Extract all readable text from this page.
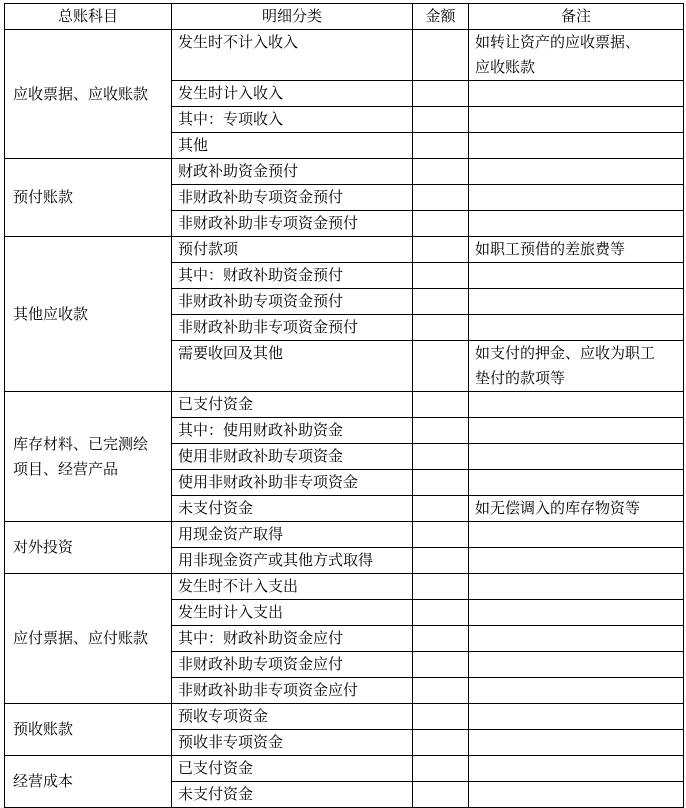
总账科目	明细分类	金额	备注

应收票据、应收账款	发生时不计入收入		如转让资产的应收票据、
应收账款

	发生时计入收入		
	其中：专项收入		
	其他		

预付账款	财政补助资金预付		
	非财政补助专项资金预付		
	非财政补助非专项资金预付		

其他应收款	预付款项		如职工预借的差旅费等

	其中：财政补助资金预付		
	非财政补助专项资金预付		
	非财政补助非专项资金预付		
	需要收回及其他		如支付的押金、应收为职工
垫付的款项等

库存材料、已完测绘
项目、经营产品	已支付资金		
	其中：使用财政补助资金		
	使用非财政补助专项资金		
	使用非财政补助非专项资金		
	未支付资金		如无偿调入的库存物资等

对外投资	用现金资产取得		
	用非现金资产或其他方式取得		

应付票据、应付账款	发生时不计入支出		
	发生时计入支出		
	其中：财政补助资金应付		
	非财政补助专项资金应付		
	非财政补助非专项资金应付		

预收账款	预收专项资金		
	预收非专项资金		

经营成本	已支付资金		
	未支付资金		
